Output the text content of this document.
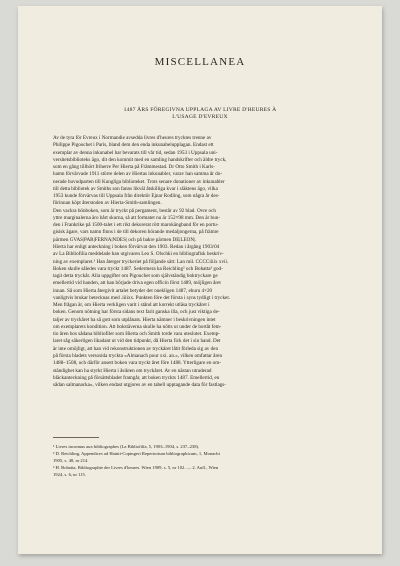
MISCELLANEA
1487 ÅRS FÖREGIVNA UPPLAGA AV LIVRE D'HEURES À
L'USAGE D'EVREUX
Av de tyra för Evreux i Normandie avsedda livres d'heures trycktes trenne av
Philippe Pigouchet i Paris, bland dem den enda inkunabelupplagan. Endast ett
exemplar av denna inkunabel har bevarats till vår tid, sedan 1953 i Uppsala uni-
versitetsbiblioteks ägo, dit den kommit med en samling handskrifter och äldre tryck,
som en gång tillhört friherre Per Hierta på Främmestad. Dr Otto Smith i Karls-
hamn förvärvade 1911 större delen av Hiertas inkunabler, varav han samma år do-
nerade huvudparten till Kungliga biblioteket. Trots senare donationer av inkunabler
till detta bibliotek av Smiths son fanns likväl åtskilliga kvar i släktens ägo, vilka
1953 kunde förvärvas till Uppsala från direktör Ejnar Rodling, som några år des-
förinnan köpt återstoden av Hierta-Smith-samlingen.
Den vackra bönboken, som är tryckt på pergament, består av 92 blad. Övre och
yttre marginalerna äro hårt skurna, så att formatet nu är 152×98 mm. Den är bun-
den i Frankrike på 1500-talet i ett rikt dekorerat rött marokängband för en portu-
gisisk ägare, vars namn finns i de till dekoren hörande medaljongerna, på främre
pärmen GVAS|PAR|FERNA|NDES| och på bakre pärmen DE|LEON|.
Hierta har enligt anteckning i boken förvärvat den 1903. Redan i årgång 1903/04
av La Bibliofilía meddelade han utgivaren Leo S. Olschki en bibliografisk beskriv-
ning av exemplaret.¹ Han återger tryckeriet på följande sätt: Lan mil. CCCCiiiix xvii.
Boken skulle således vara tryckt 1487. Sedermera ha Reichling² och Bohatta³ god-
tagit detta tryckår. Alla uppgifter om Pigouchet som självständig boktryckare ge
emellertid vid handen, att han började driva egen officin först 1489, möjligen året
innan. Så som Hierta återgivit artalet betyder det onekligen 1487, ehuru 4×20
vanligtvis brukar betecknas med .iiiixx. Punkten före det första i syns tydligt i trycket.
Men frågan är, om Hierta verkligen varit i stånd att korrekt utläsa tryckåret i
boken. Genom nötning har första sidans text farit ganska illa, och just viktiga de-
taljer av tryckåret ha så gott som utplånats. Hierta nämner i beskrivningen intet
om exemplarets kondition. Att bokstäverna skulle ha nötts ut under de bortåt fem-
tio åren hos sådana bibliofiler som Hierta och Smith torde vara uteslutet. Exemp-
laret såg säkerligen likadant ut vid den tidpunkt, då Hierta fick det i sin hand. Det
är inte omöjligt, att han vid rekonstruktionen av tryckåret låtit förleda sig av den
på första bladets versosida tryckta »Almanach pour xxi. an.», vilken omfattar åren
1488–1508, och därför ansett boken vara tryckt året före 1488. Ytterligare en om-
ständighet kan ha styrkt Hierta i åsikten om tryckåret. Av en nästan utraderad
bläckanteckning på försättsbladet framgår, att boken tryckts 1487. Emellertid, en
sådan salmanacka», vilken endast utgjores av en tabell upptagande data för fastlags-
¹ Livres inconnus aux bibliographes (La Bibliofilía, 5, 1903–1904, s. 237–238).
² D. Reichling, Appendices ad Hainii-Copingeri Repertorium bibliographicum, 1, Monachi
1905, s. 48, nr 214.
³ H. Bohatta, Bibliographie der Livres d'heures. Wien 1909, s. 5, nr 102. — 2. Aufl., Wien
1924, s. 6, nr 115.
